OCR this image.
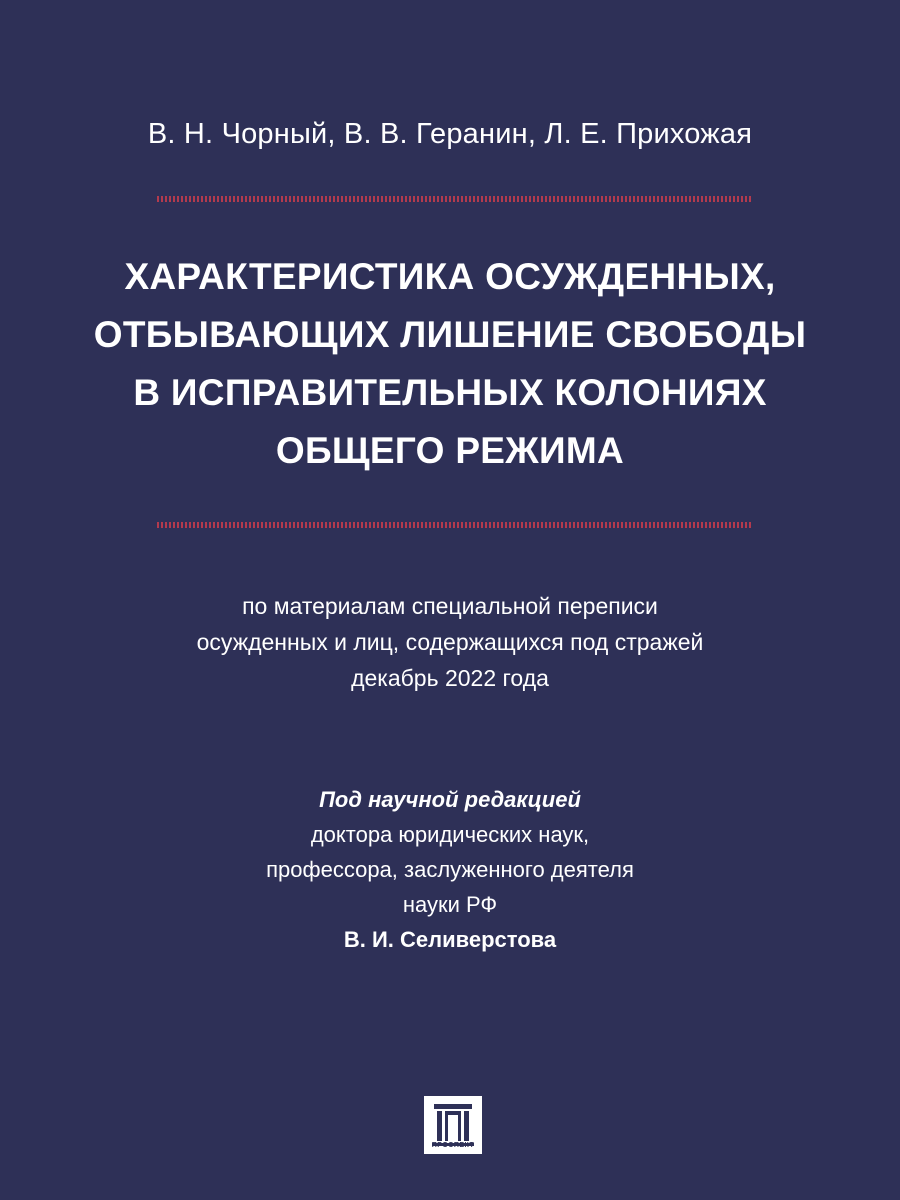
В. Н. Чорный, В. В. Геранин, Л. Е. Прихожая
ХАРАКТЕРИСТИКА ОСУЖДЕННЫХ,
ОТБЫВАЮЩИХ ЛИШЕНИЕ СВОБОДЫ
В ИСПРАВИТЕЛЬНЫХ КОЛОНИЯХ
ОБЩЕГО РЕЖИМА
по материалам специальной переписи
осужденных и лиц, содержащихся под стражей
декабрь 2022 года
Под научной редакцией
доктора юридических наук,
профессора, заслуженного деятеля
науки РФ
В. И. Селиверстова
ПРОСПЕКТ
